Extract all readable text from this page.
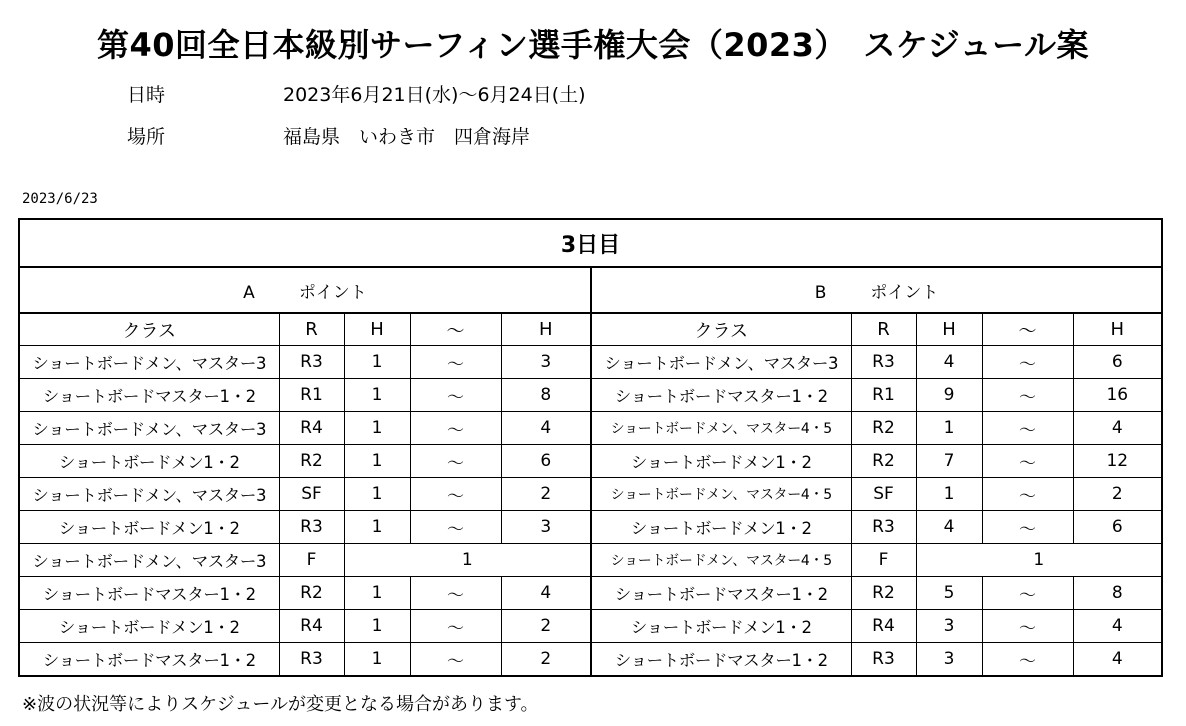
第40回全日本級別サーフィン選手権大会（2023）　スケジュール案
日時	2023年6月21日(水)～6月24日(土)
場所	福島県　いわき市　四倉海岸
2023/6/23
3日目									
A ポイント					B ポイント				
クラス	R	H	～	H	クラス	R	H	～	H
ショートボードメン、マスター3	R3	1	～	3	ショートボードメン、マスター3	R3	4	～	6
ショートボードマスター1・2	R1	1	～	8	ショートボードマスター1・2	R1	9	～	16
ショートボードメン、マスター3	R4	1	～	4	ショートボードメン、マスター4・5	R2	1	～	4
ショートボードメン1・2	R2	1	～	6	ショートボードメン1・2	R2	7	～	12
ショートボードメン、マスター3	SF	1	～	2	ショートボードメン、マスター4・5	SF	1	～	2
ショートボードメン1・2	R3	1	～	3	ショートボードメン1・2	R3	4	～	6
ショートボードメン、マスター3	F	1			ショートボードメン、マスター4・5	F	1		
ショートボードマスター1・2	R2	1	～	4	ショートボードマスター1・2	R2	5	～	8
ショートボードメン1・2	R4	1	～	2	ショートボードメン1・2	R4	3	～	4
ショートボードマスター1・2	R3	1	～	2	ショートボードマスター1・2	R3	3	～	4
※波の状況等によりスケジュールが変更となる場合があります。
